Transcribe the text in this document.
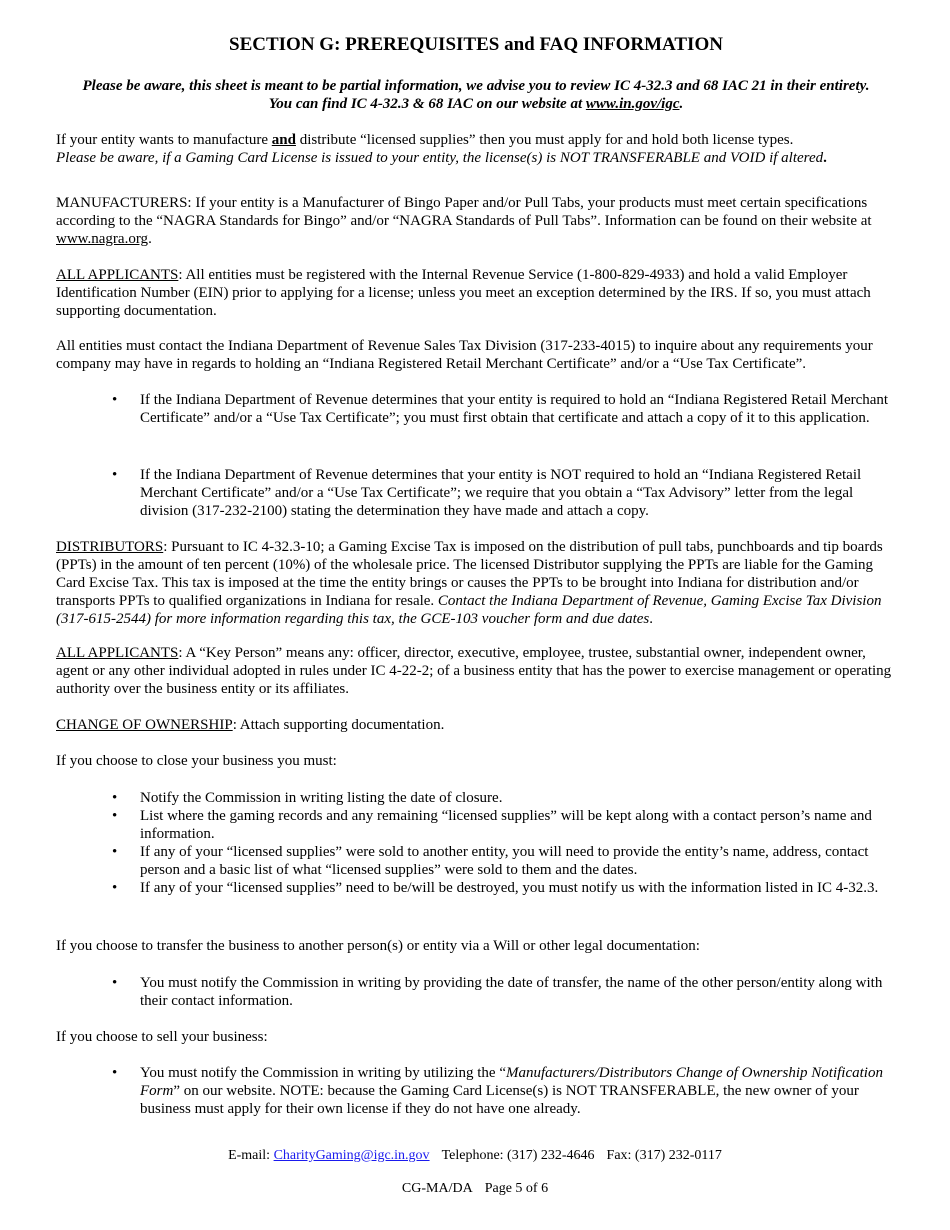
SECTION G: PREREQUISITES and FAQ INFORMATION
Please be aware, this sheet is meant to be partial information, we advise you to review IC 4-32.3 and 68 IAC 21 in their entirety.
You can find IC 4-32.3 & 68 IAC on our website at www.in.gov/igc.

If your entity wants to manufacture and distribute “licensed supplies” then you must apply for and hold both license types.

Please be aware, if a Gaming Card License is issued to your entity, the license(s) is NOT TRANSFERABLE and VOID if altered.

MANUFACTURERS: If your entity is a Manufacturer of Bingo Paper and/or Pull Tabs, your products must meet certain specifications according to the “NAGRA Standards for Bingo” and/or “NAGRA Standards of Pull Tabs”. Information can be found on their website at www.nagra.org.

ALL APPLICANTS: All entities must be registered with the Internal Revenue Service (1-800-829-4933) and hold a valid Employer Identification Number (EIN) prior to applying for a license; unless you meet an exception determined by the IRS. If so, you must attach supporting documentation.

All entities must contact the Indiana Department of Revenue Sales Tax Division (317-233-4015) to inquire about any requirements your company may have in regards to holding an “Indiana Registered Retail Merchant Certificate” and/or a “Use Tax Certificate”.

• If the Indiana Department of Revenue determines that your entity is required to hold an “Indiana Registered Retail Merchant Certificate” and/or a “Use Tax Certificate”; you must first obtain that certificate and attach a copy of it to this application.
• If the Indiana Department of Revenue determines that your entity is NOT required to hold an “Indiana Registered Retail Merchant Certificate” and/or a “Use Tax Certificate”; we require that you obtain a “Tax Advisory” letter from the legal division (317-232-2100) stating the determination they have made and attach a copy.

DISTRIBUTORS: Pursuant to IC 4-32.3-10; a Gaming Excise Tax is imposed on the distribution of pull tabs, punchboards and tip boards (PPTs) in the amount of ten percent (10%) of the wholesale price. The licensed Distributor supplying the PPTs are liable for the Gaming Card Excise Tax. This tax is imposed at the time the entity brings or causes the PPTs to be brought into Indiana for distribution and/or transports PPTs to qualified organizations in Indiana for resale. Contact the Indiana Department of Revenue, Gaming Excise Tax Division (317-615-2544) for more information regarding this tax, the GCE-103 voucher form and due dates.

ALL APPLICANTS: A “Key Person” means any: officer, director, executive, employee, trustee, substantial owner, independent owner, agent or any other individual adopted in rules under IC 4-22-2; of a business entity that has the power to exercise management or operating authority over the business entity or its affiliates.

CHANGE OF OWNERSHIP: Attach supporting documentation.

If you choose to close your business you must:

• Notify the Commission in writing listing the date of closure.
• List where the gaming records and any remaining “licensed supplies” will be kept along with a contact person’s name and information.
• If any of your “licensed supplies” were sold to another entity, you will need to provide the entity’s name, address, contact person and a basic list of what “licensed supplies” were sold to them and the dates.
• If any of your “licensed supplies” need to be/will be destroyed, you must notify us with the information listed in IC 4-32.3.

If you choose to transfer the business to another person(s) or entity via a Will or other legal documentation:

• You must notify the Commission in writing by providing the date of transfer, the name of the other person/entity along with their contact information.

If you choose to sell your business:

• You must notify the Commission in writing by utilizing the “Manufacturers/Distributors Change of Ownership Notification Form” on our website. NOTE: because the Gaming Card License(s) is NOT TRANSFERABLE, the new owner of your business must apply for their own license if they do not have one already.
E-mail: CharityGaming@igc.in.gov Telephone: (317) 232-4646 Fax: (317) 232-0117
CG-MA/DA Page 5 of 6
